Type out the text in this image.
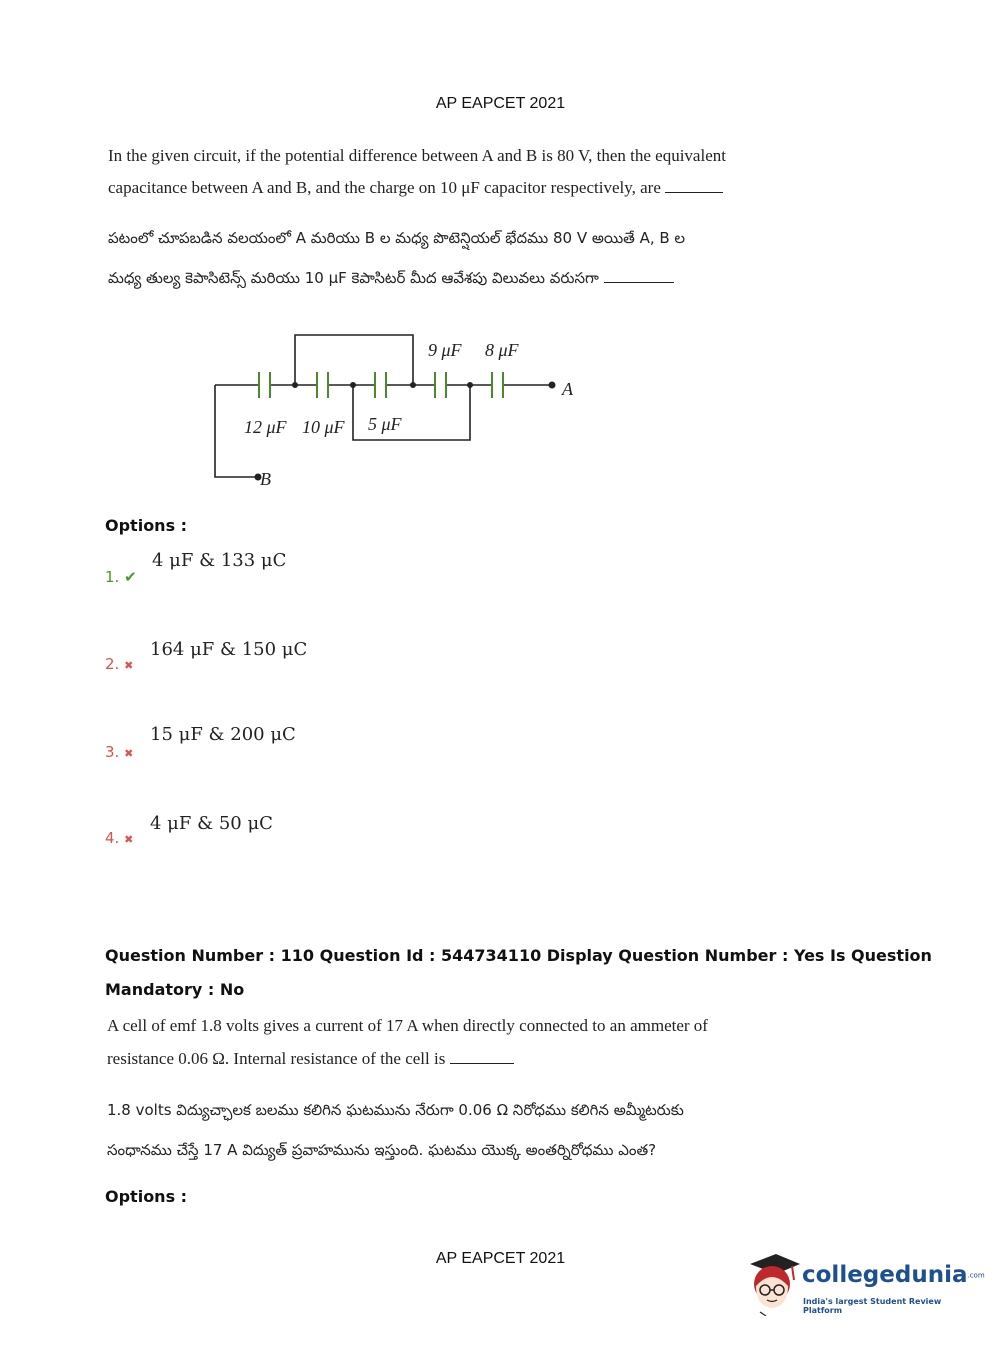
AP EAPCET 2021
In the given circuit, if the potential difference between A and B is 80 V, then the equivalent
capacitance between A and B, and the charge on 10 μF capacitor respectively, are
పటంలో చూపబడిన వలయంలో A మరియు B ల మధ్య పొటెన్షియల్ భేదము 80 V అయితే A, B ల
మధ్య తుల్య కెపాసిటెన్స్ మరియు 10 μF కెపాసిటర్ మీద ఆవేశపు విలువలు వరుసగా
9 μF 8 μF
12 μF 10 μF 5 μF
A
B
Options :
1. ✔
4 μF & 133 μC
2. ✖
164 μF & 150 μC
3. ✖
15 μF & 200 μC
4. ✖
4 μF & 50 μC
Question Number : 110 Question Id : 544734110 Display Question Number : Yes Is Question
Mandatory : No
A cell of emf 1.8 volts gives a current of 17 A when directly connected to an ammeter of
resistance 0.06 Ω. Internal resistance of the cell is
1.8 volts విద్యుచ్ఛాలక బలము కలిగిన ఘటమును నేరుగా 0.06 Ω నిరోధము కలిగిన అమ్మీటరుకు
సంధానము చేస్తే 17 A విద్యుత్ ప్రవాహమును ఇస్తుంది. ఘటము యొక్క అంతర్నిరోధము ఎంత?
Options :
AP EAPCET 2021
collegedunia.com
India's largest Student Review Platform
